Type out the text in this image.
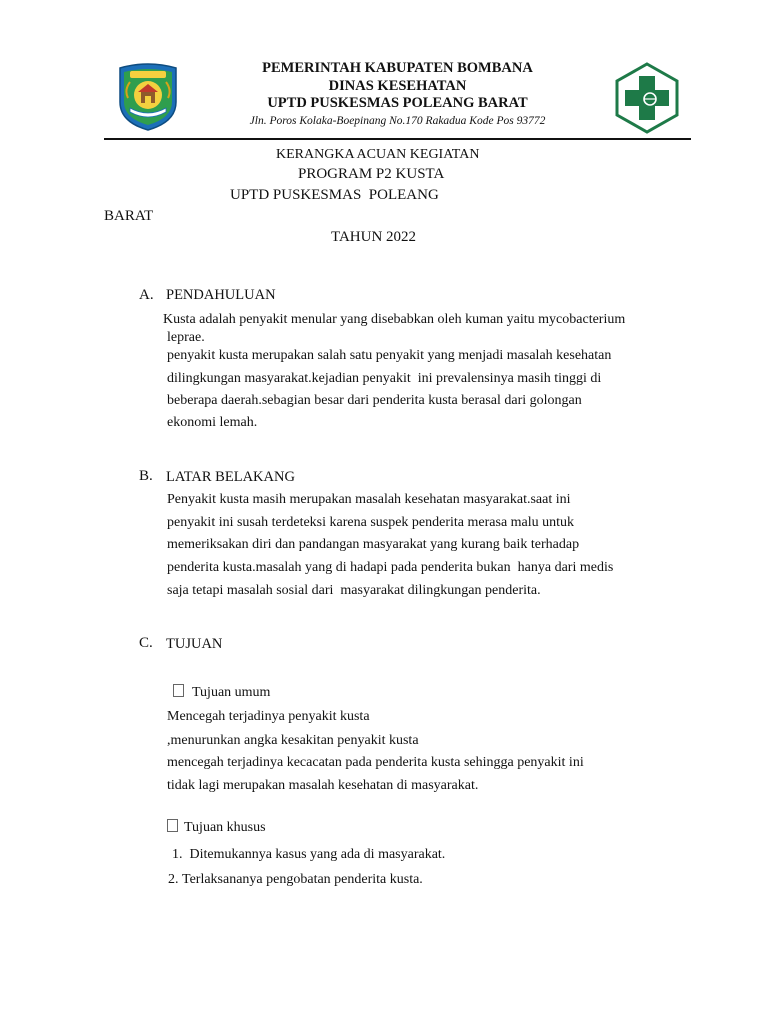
PEMERINTAH KABUPATEN BOMBANA
DINAS KESEHATAN
UPTD PUSKESMAS POLEANG BARAT
Jln. Poros Kolaka-Boepinang No.170 Rakadua Kode Pos 93772
KERANGKA ACUAN KEGIATAN
PROGRAM P2 KUSTA
UPTD PUSKESMAS  POLEANG
BARAT
TAHUN 2022
A. PENDAHULUAN
Kusta adalah penyakit menular yang disebabkan oleh kuman yaitu mycobacterium
leprae.
penyakit kusta merupakan salah satu penyakit yang menjadi masalah kesehatan
dilingkungan masyarakat.kejadian penyakit  ini prevalensinya masih tinggi di
beberapa daerah.sebagian besar dari penderita kusta berasal dari golongan
ekonomi lemah.
B. LATAR BELAKANG
Penyakit kusta masih merupakan masalah kesehatan masyarakat.saat ini
penyakit ini susah terdeteksi karena suspek penderita merasa malu untuk
memeriksakan diri dan pandangan masyarakat yang kurang baik terhadap
penderita kusta.masalah yang di hadapi pada penderita bukan  hanya dari medis
saja tetapi masalah sosial dari  masyarakat dilingkungan penderita.
C. TUJUAN
Tujuan umum
Mencegah terjadinya penyakit kusta
,menurunkan angka kesakitan penyakit kusta
mencegah terjadinya kecacatan pada penderita kusta sehingga penyakit ini
tidak lagi merupakan masalah kesehatan di masyarakat.
Tujuan khusus
1. Ditemukannya kasus yang ada di masyarakat.
2. Terlaksananya pengobatan penderita kusta.
